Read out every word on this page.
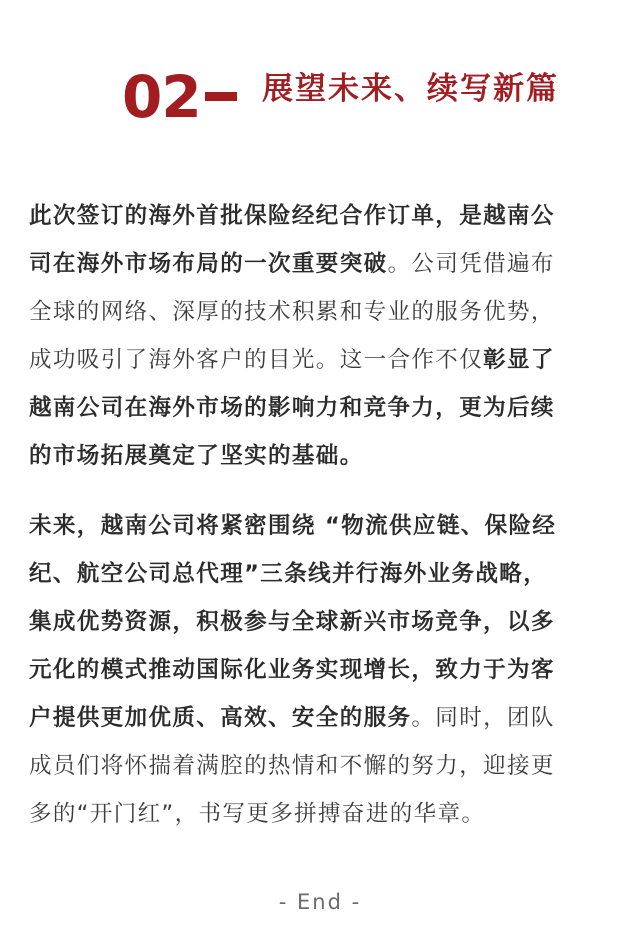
02 展望未来、续写新篇
此次签订的海外首批保险经纪合作订单，是越南公
司在海外市场布局的一次重要突破。公司凭借遍布
全球的网络、深厚的技术积累和专业的服务优势，
成功吸引了海外客户的目光。这一合作不仅彰显了
越南公司在海外市场的影响力和竞争力，更为后续
的市场拓展奠定了坚实的基础。
未来，越南公司将紧密围绕 “物流供应链、保险经
纪、航空公司总代理”三条线并行海外业务战略，
集成优势资源，积极参与全球新兴市场竞争，以多
元化的模式推动国际化业务实现增长，致力于为客
户提供更加优质、高效、安全的服务。同时，团队
成员们将怀揣着满腔的热情和不懈的努力，迎接更
多的“开门红”，书写更多拼搏奋进的华章。
- End -
